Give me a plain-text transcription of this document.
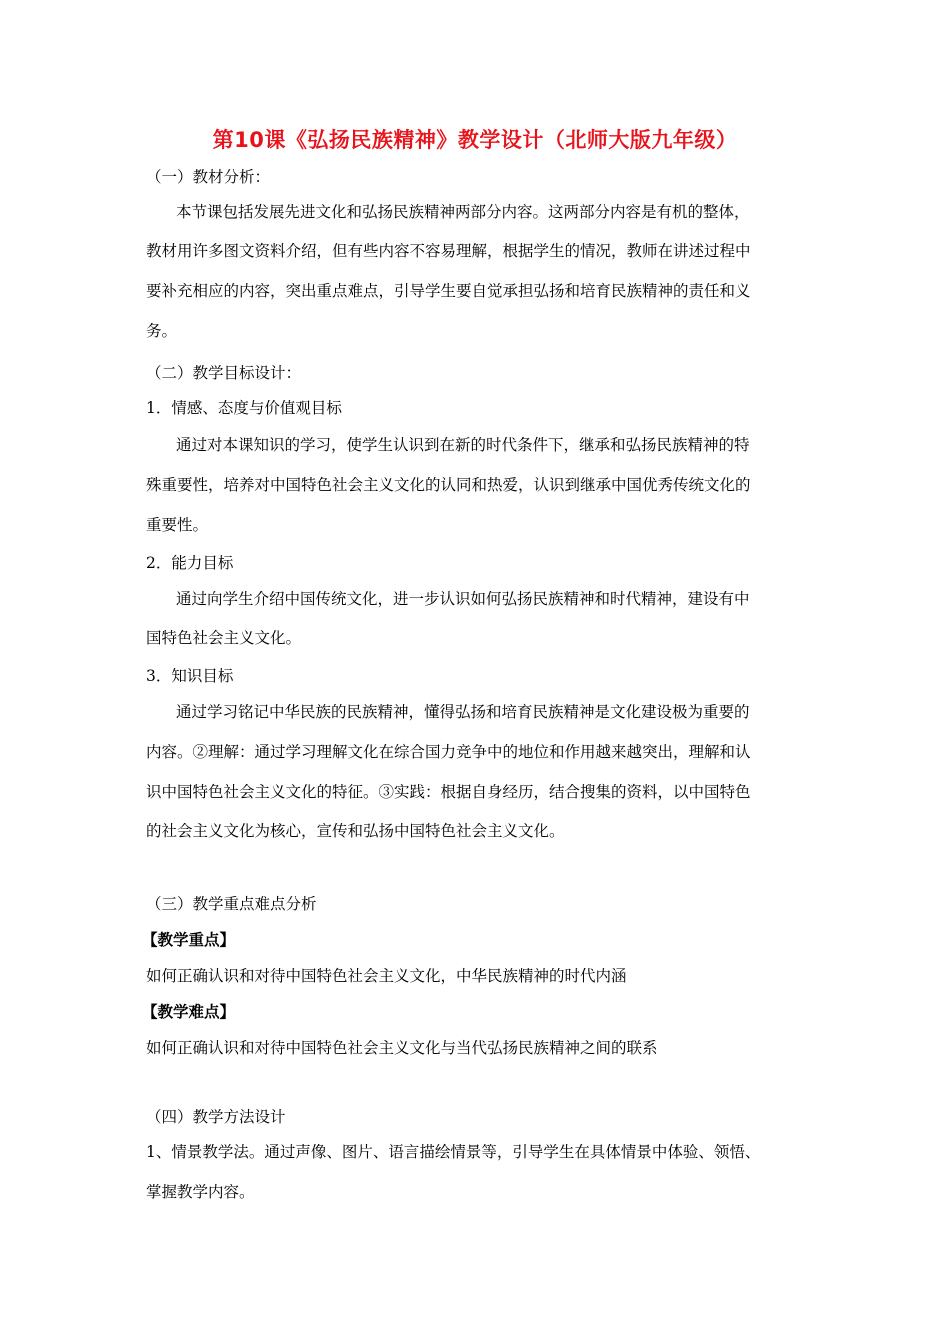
第10课《弘扬民族精神》教学设计（北师大版九年级）
（一）教材分析：
本节课包括发展先进文化和弘扬民族精神两部分内容。这两部分内容是有机的整体，
教材用许多图文资料介绍，但有些内容不容易理解，根据学生的情况，教师在讲述过程中
要补充相应的内容，突出重点难点，引导学生要自觉承担弘扬和培育民族精神的责任和义
务。
（二）教学目标设计：
1．情感、态度与价值观目标
通过对本课知识的学习，使学生认识到在新的时代条件下，继承和弘扬民族精神的特
殊重要性，培养对中国特色社会主义文化的认同和热爱，认识到继承中国优秀传统文化的
重要性。
2．能力目标
通过向学生介绍中国传统文化，进一步认识如何弘扬民族精神和时代精神，建设有中
国特色社会主义文化。
3．知识目标
通过学习铭记中华民族的民族精神，懂得弘扬和培育民族精神是文化建设极为重要的
内容。②理解：通过学习理解文化在综合国力竞争中的地位和作用越来越突出，理解和认
识中国特色社会主义文化的特征。③实践：根据自身经历，结合搜集的资料，以中国特色
的社会主义文化为核心，宣传和弘扬中国特色社会主义文化。
（三）教学重点难点分析
【教学重点】
如何正确认识和对待中国特色社会主义文化，中华民族精神的时代内涵
【教学难点】
如何正确认识和对待中国特色社会主义文化与当代弘扬民族精神之间的联系
（四）教学方法设计
1、情景教学法。通过声像、图片、语言描绘情景等，引导学生在具体情景中体验、领悟、
掌握教学内容。
